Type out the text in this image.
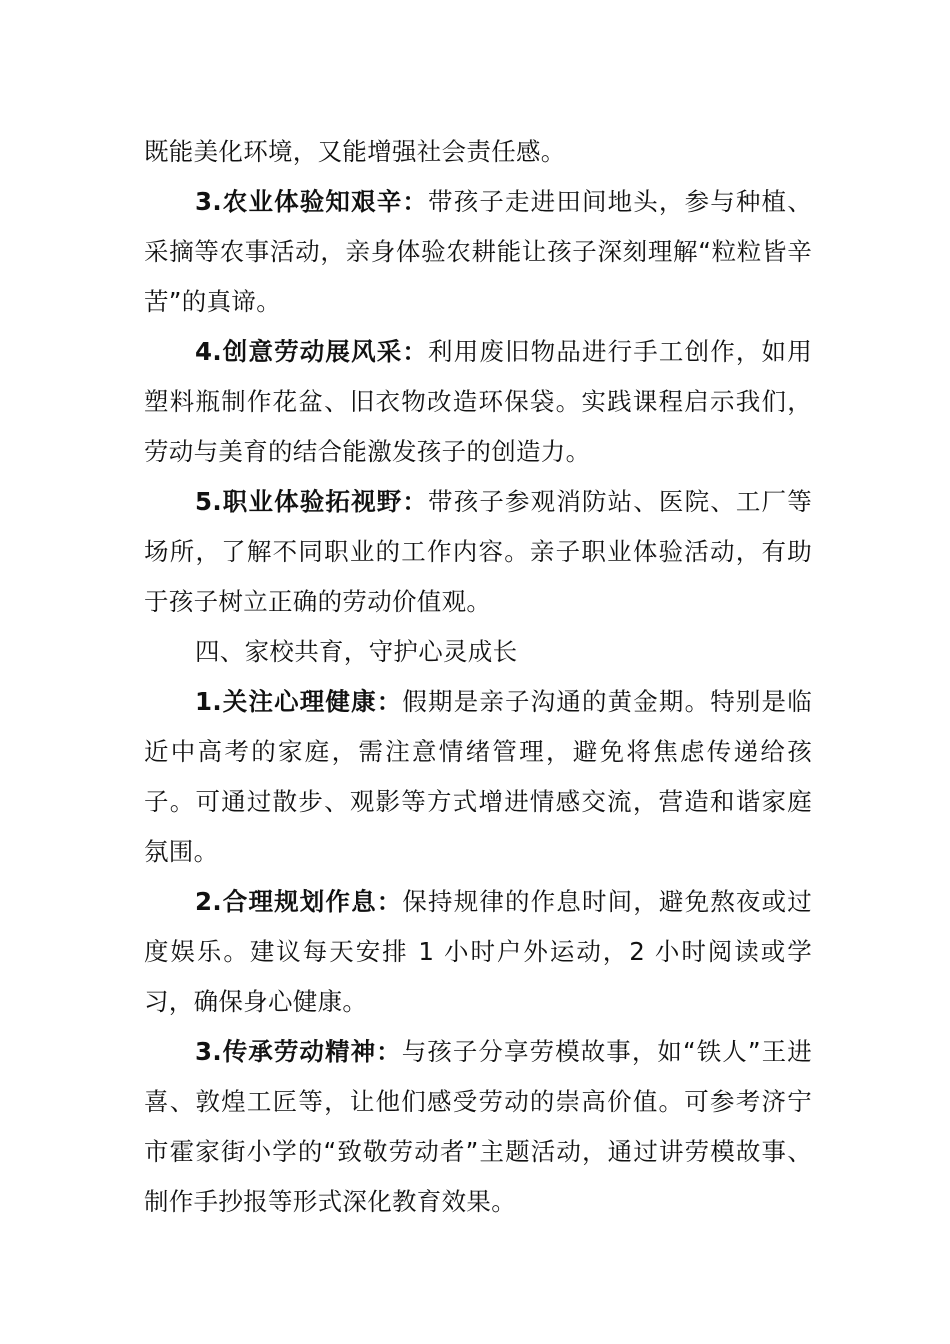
既能美化环境，又能增强社会责任感。

3.农业体验知艰辛：带孩子走进田间地头，参与种植、采摘等农事活动，亲身体验农耕能让孩子深刻理解“粒粒皆辛苦”的真谛。

4.创意劳动展风采：利用废旧物品进行手工创作，如用塑料瓶制作花盆、旧衣物改造环保袋。实践课程启示我们，劳动与美育的结合能激发孩子的创造力。

5.职业体验拓视野：带孩子参观消防站、医院、工厂等场所，了解不同职业的工作内容。亲子职业体验活动，有助于孩子树立正确的劳动价值观。

四、家校共育，守护心灵成长

1.关注心理健康：假期是亲子沟通的黄金期。特别是临近中高考的家庭，需注意情绪管理，避免将焦虑传递给孩子。可通过散步、观影等方式增进情感交流，营造和谐家庭氛围。

2.合理规划作息：保持规律的作息时间，避免熬夜或过度娱乐。建议每天安排 1 小时户外运动，2 小时阅读或学习，确保身心健康。

3.传承劳动精神：与孩子分享劳模故事，如“铁人”王进喜、敦煌工匠等，让他们感受劳动的崇高价值。可参考济宁市霍家街小学的“致敬劳动者”主题活动，通过讲劳模故事、制作手抄报等形式深化教育效果。
